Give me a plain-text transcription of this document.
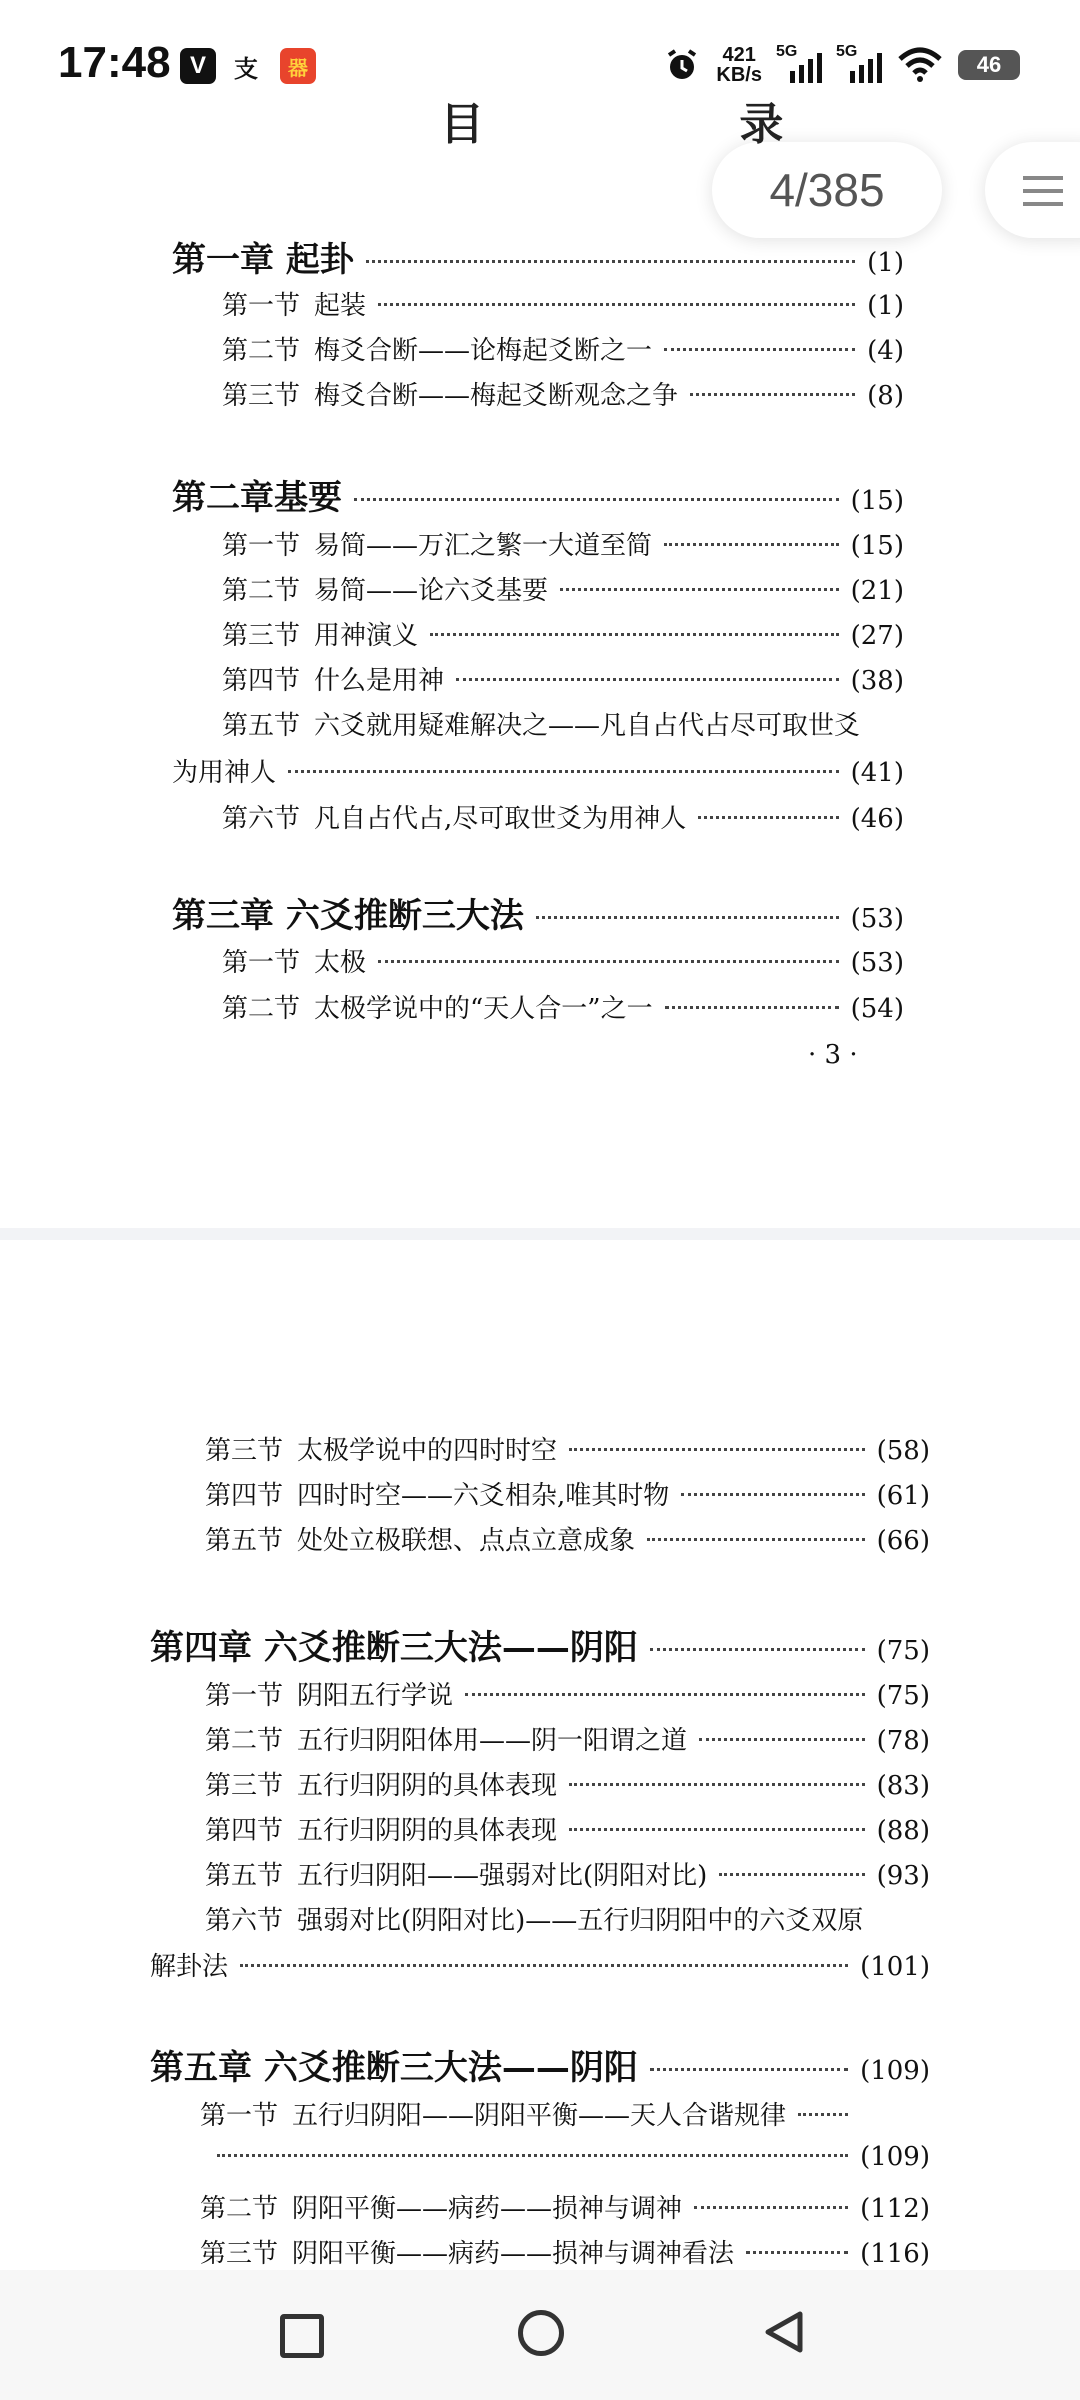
17:48 V	支	器
421
KB/s
5G 5G
46
4/385
目 录
第一章 起卦	(1)
第一节 起装	(1)
第二节 梅爻合断——论梅起爻断之一	(4)
第三节 梅爻合断——梅起爻断观念之争	(8)
第二章基要	(15)
第一节 易简——万汇之繁一大道至简	(15)
第二节 易简——论六爻基要	(21)
第三节 用神演义	(27)
第四节 什么是用神	(38)
第五节 六爻就用疑难解决之——凡自占代占尽可取世爻
为用神人	(41)
第六节 凡自占代占,尽可取世爻为用神人	(46)
第三章 六爻推断三大法	(53)
第一节 太极	(53)
第二节 太极学说中的“天人合一”之一	(54)
· 3 ·
第三节 太极学说中的四时时空	(58)
第四节 四时时空——六爻相杂,唯其时物	(61)
第五节 处处立极联想、点点立意成象	(66)
第四章 六爻推断三大法——阴阳	(75)
第一节 阴阳五行学说	(75)
第二节 五行归阴阳体用——阴一阳谓之道	(78)
第三节 五行归阴阴的具体表现	(83)
第四节 五行归阴阴的具体表现	(88)
第五节 五行归阴阳——强弱对比(阴阳对比)	(93)
第六节 强弱对比(阴阳对比)——五行归阴阳中的六爻双原
解卦法	(101)
第五章 六爻推断三大法——阴阳	(109)
第一节 五行归阴阳——阴阳平衡——天人合谐规律
(109)
第二节 阴阳平衡——病药——损神与调神	(112)
第三节 阴阳平衡——病药——损神与调神看法	(116)
